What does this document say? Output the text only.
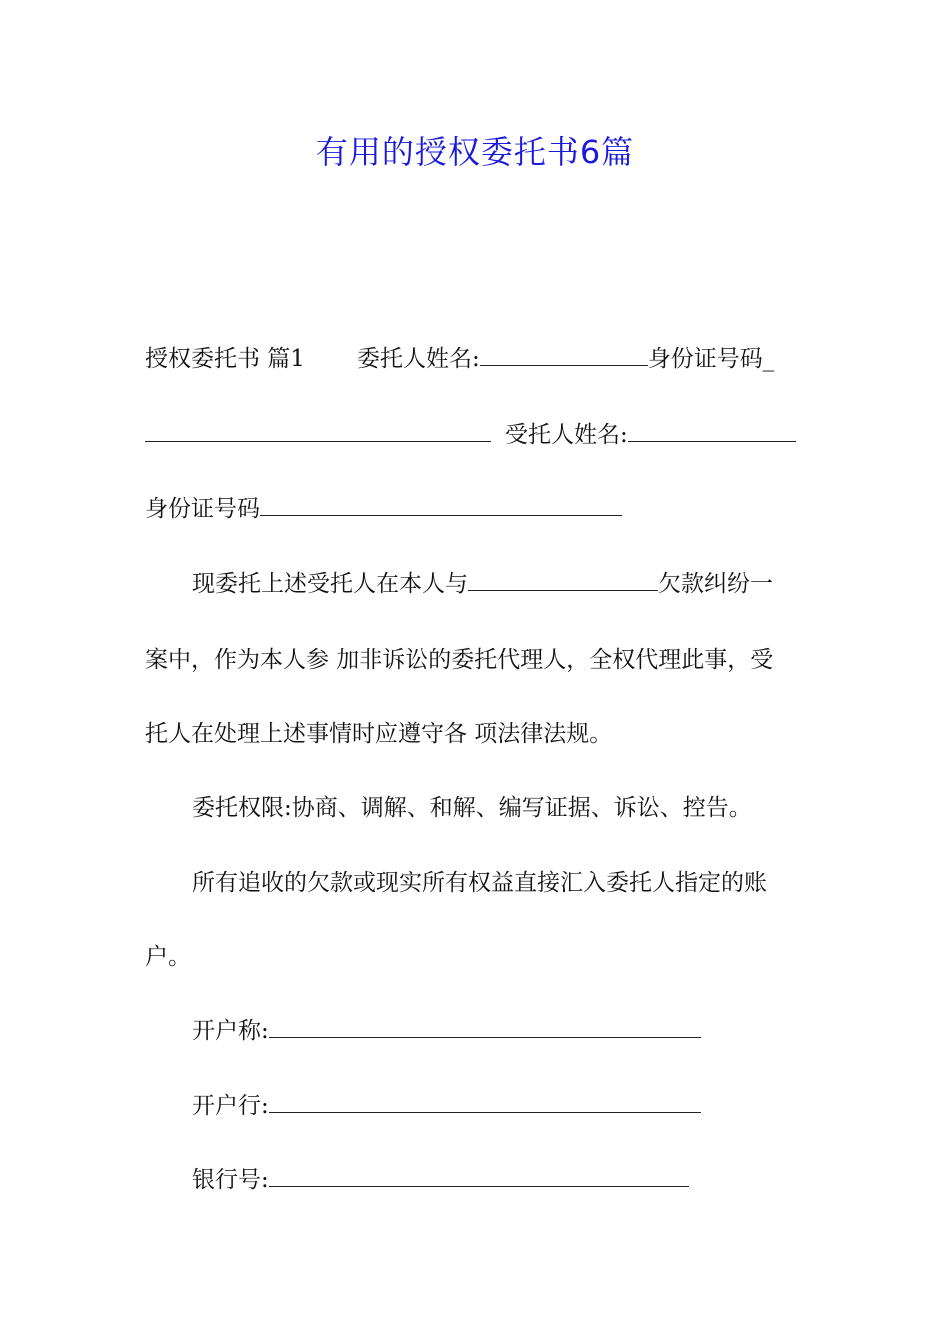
有用的授权委托书6篇
授权委托书 篇1 委托人姓名:	身份证号码_
受托人姓名:
身份证号码
现委托上述受托人在本人与	欠款纠纷一
案中，作为本人参 加非诉讼的委托代理人，全权代理此事，受
托人在处理上述事情时应遵守各 项法律法规。
委托权限:协商、调解、和解、编写证据、诉讼、控告。
所有追收的欠款或现实所有权益直接汇入委托人指定的账
户。
开户称:
开户行:
银行号:
